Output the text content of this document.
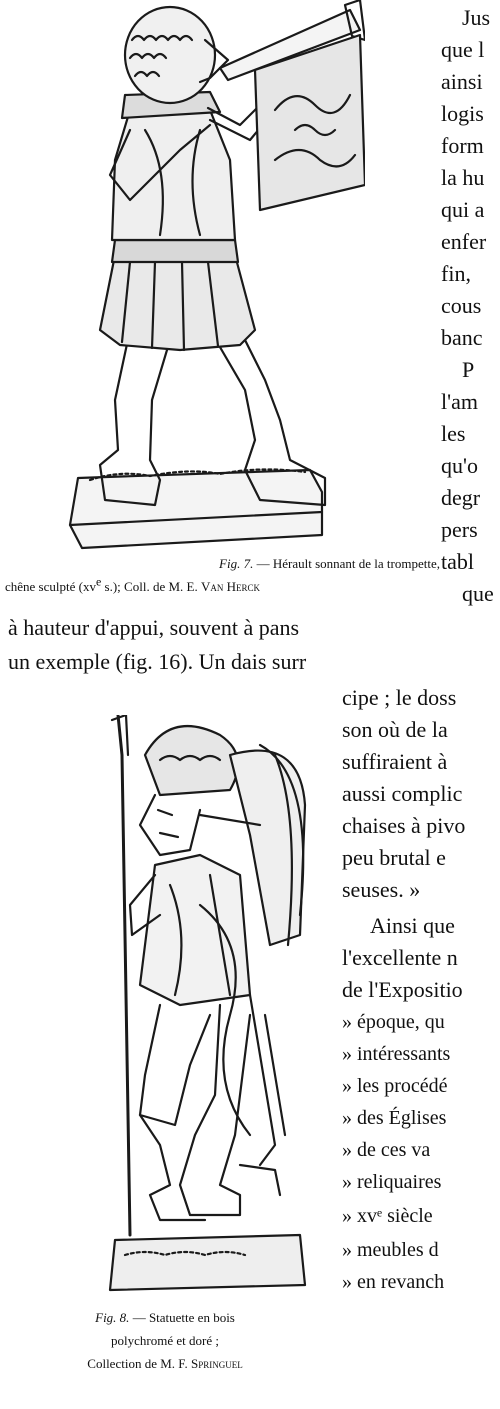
Fig. 7. — Hérault sonnant de la trompette,
chêne sculpté ($xv^e$ s.); Coll. de M. E. Van Herck
Jus
que l
ainsi
logis
form
la hu
qui a
enfer
fin,
cous
banc
P
l'am
les
qu'o
degr
pers
tabl
que
à hauteur d'appui, souvent à pans
un exemple (fig. 16). Un dais surr
Fig. 8. — Statuette en bois
polychromé et doré ;
Collection de M. F. Springuel
cipe ; le doss
son où de la
suffiraient à
aussi complic
chaises à pivo
peu brutal e
seuses. »
Ainsi que
l'excellente n
de l'Expositio
» époque, qu
» intéressants
» les procédé
» des Églises
» de ces va
» reliquaires
» xvᵉ siècle
» meubles d
» en revanch
